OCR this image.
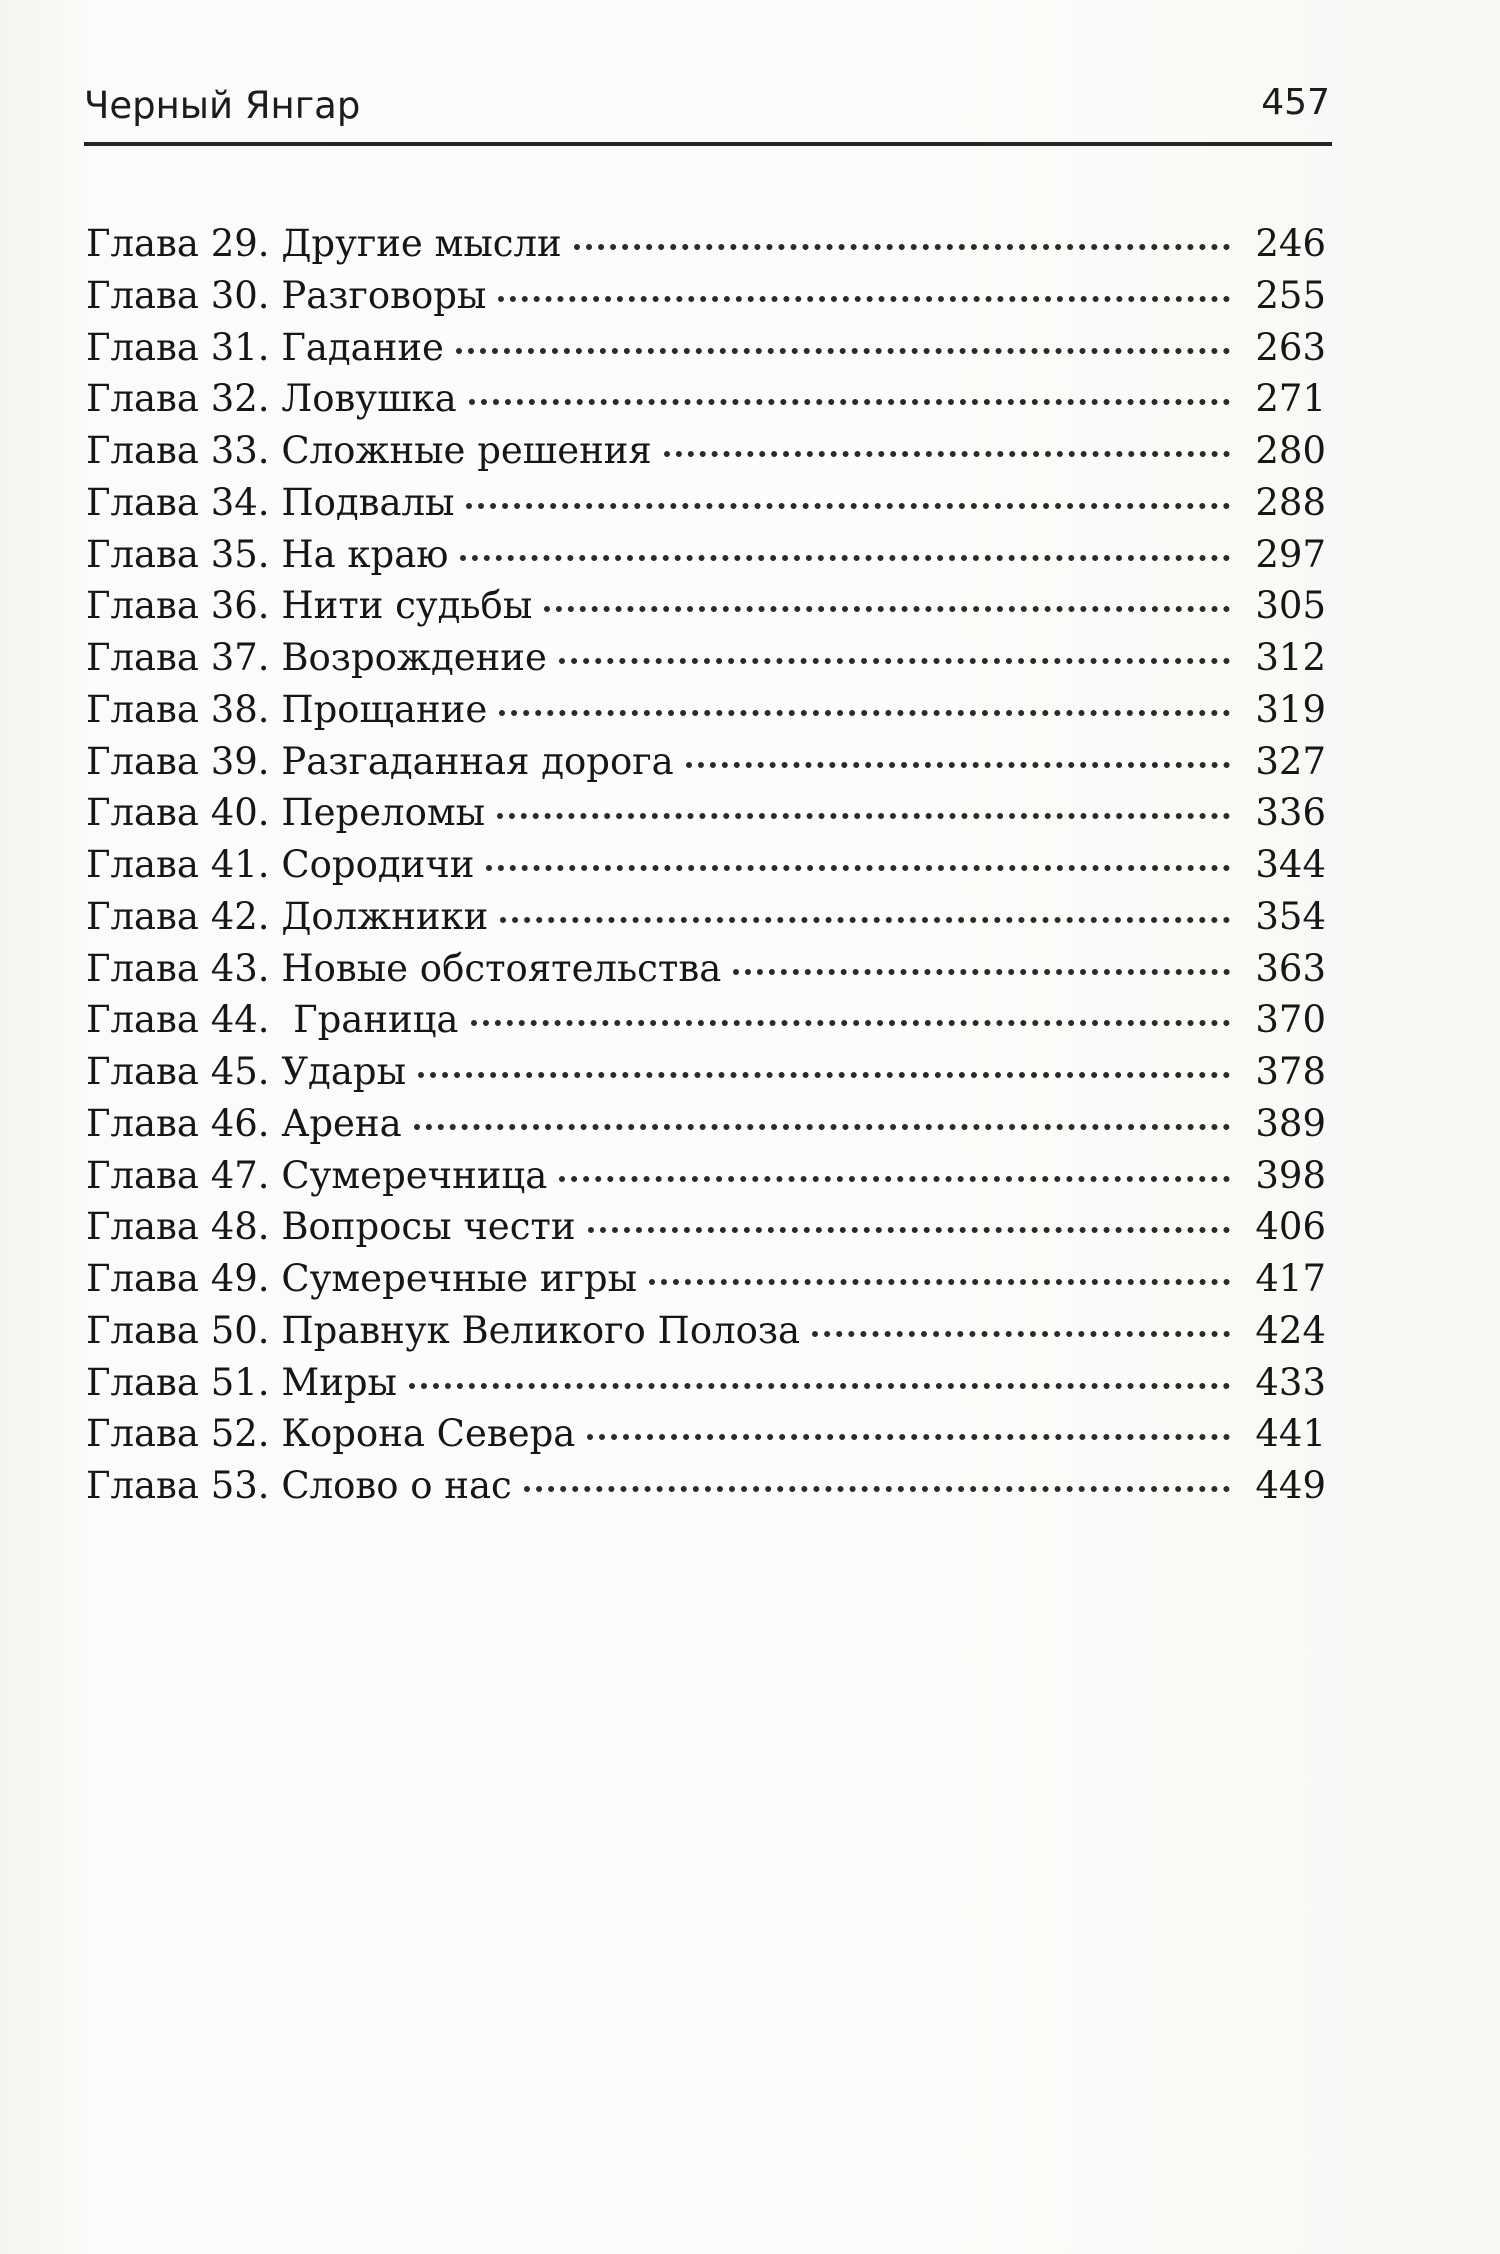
Черный Янгар	457
Глава 29. Другие мысли	246
Глава 30. Разговоры	255
Глава 31. Гадание	263
Глава 32. Ловушка	271
Глава 33. Сложные решения	280
Глава 34. Подвалы	288
Глава 35. На краю	297
Глава 36. Нити судьбы	305
Глава 37. Возрождение	312
Глава 38. Прощание	319
Глава 39. Разгаданная дорога	327
Глава 40. Переломы	336
Глава 41. Сородичи	344
Глава 42. Должники	354
Глава 43. Новые обстоятельства	363
Глава 44.  Граница	370
Глава 45. Удары	378
Глава 46. Арена	389
Глава 47. Сумеречница	398
Глава 48. Вопросы чести	406
Глава 49. Сумеречные игры	417
Глава 50. Правнук Великого Полоза	424
Глава 51. Миры	433
Глава 52. Корона Севера	441
Глава 53. Слово о нас	449
